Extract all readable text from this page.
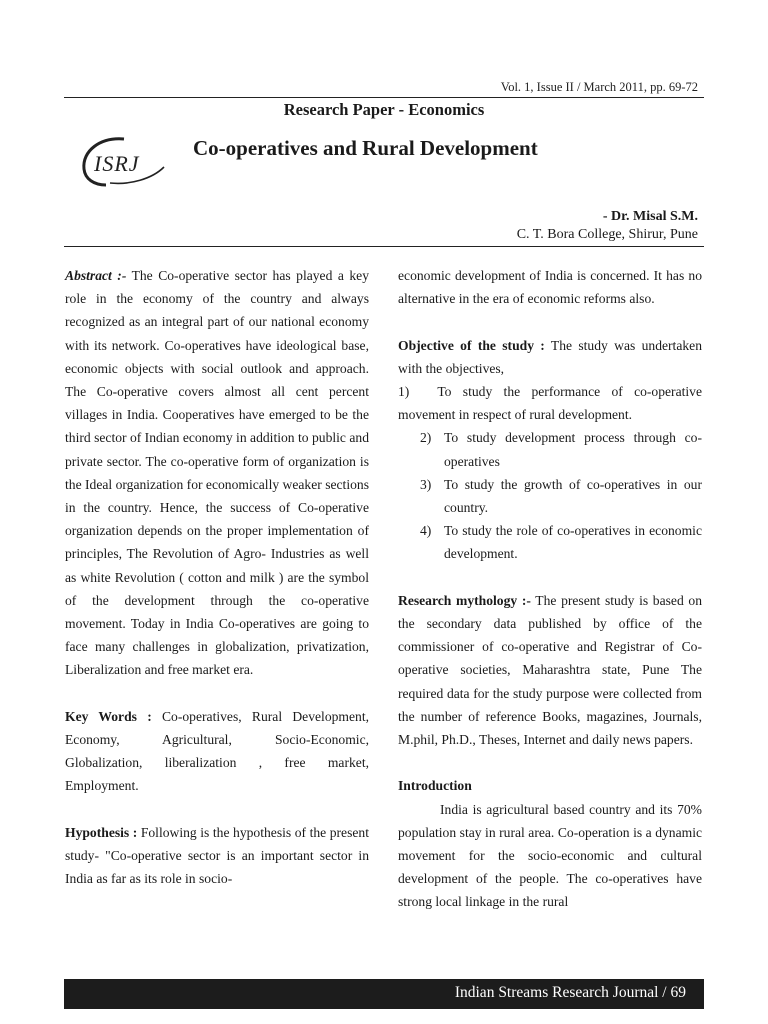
Vol. 1, Issue II / March 2011, pp. 69-72
Research Paper - Economics
ISRJ
Co-operatives and Rural Development
- Dr. Misal S.M.
C. T. Bora College, Shirur, Pune

Abstract :- The Co-operative sector has played a key role in the economy of the country and always recognized as an integral part of our national economy with its network. Co-operatives have ideological base, economic objects with social outlook and approach. The Co-operative covers almost all cent percent villages in India. Cooperatives have emerged to be the third sector of Indian economy in addition to public and private sector. The co-operative form of organization is the Ideal organization for economically weaker sections in the country. Hence, the success of Co-operative organization depends on the proper implementation of principles, The Revolution of Agro- Industries as well as white Revolution ( cotton and milk ) are the symbol of the development through the co-operative movement. Today in India Co-operatives are going to face many challenges in globalization, privatization, Liberalization and free market era.

Key Words : Co-operatives, Rural Development, Economy, Agricultural, Socio-Economic, Globalization, liberalization , free market, Employment.

Hypothesis : Following is the hypothesis of the present study- "Co-operative sector is an important sector in India as far as its role in socio-

economic development of India is concerned. It has no alternative in the era of economic reforms also.

Objective of the study : The study was undertaken with the objectives,

1) To study the performance of co-operative movement in respect of rural development.

2) To study development process through co-operatives
3) To study the growth of co-operatives in our country.
4) To study the role of co-operatives in economic development.

Research mythology :- The present study is based on the secondary data published by office of the commissioner of co-operative and Registrar of Co-operative societies, Maharashtra state, Pune The required data for the study purpose were collected from the number of reference Books, magazines, Journals, M.phil, Ph.D., Theses, Internet and daily news papers.

Introduction

India is agricultural based country and its 70% population stay in rural area. Co-operation is a dynamic movement for the socio-economic and cultural development of the people. The co-operatives have strong local linkage in the rural

Indian Streams Research Journal / 69
